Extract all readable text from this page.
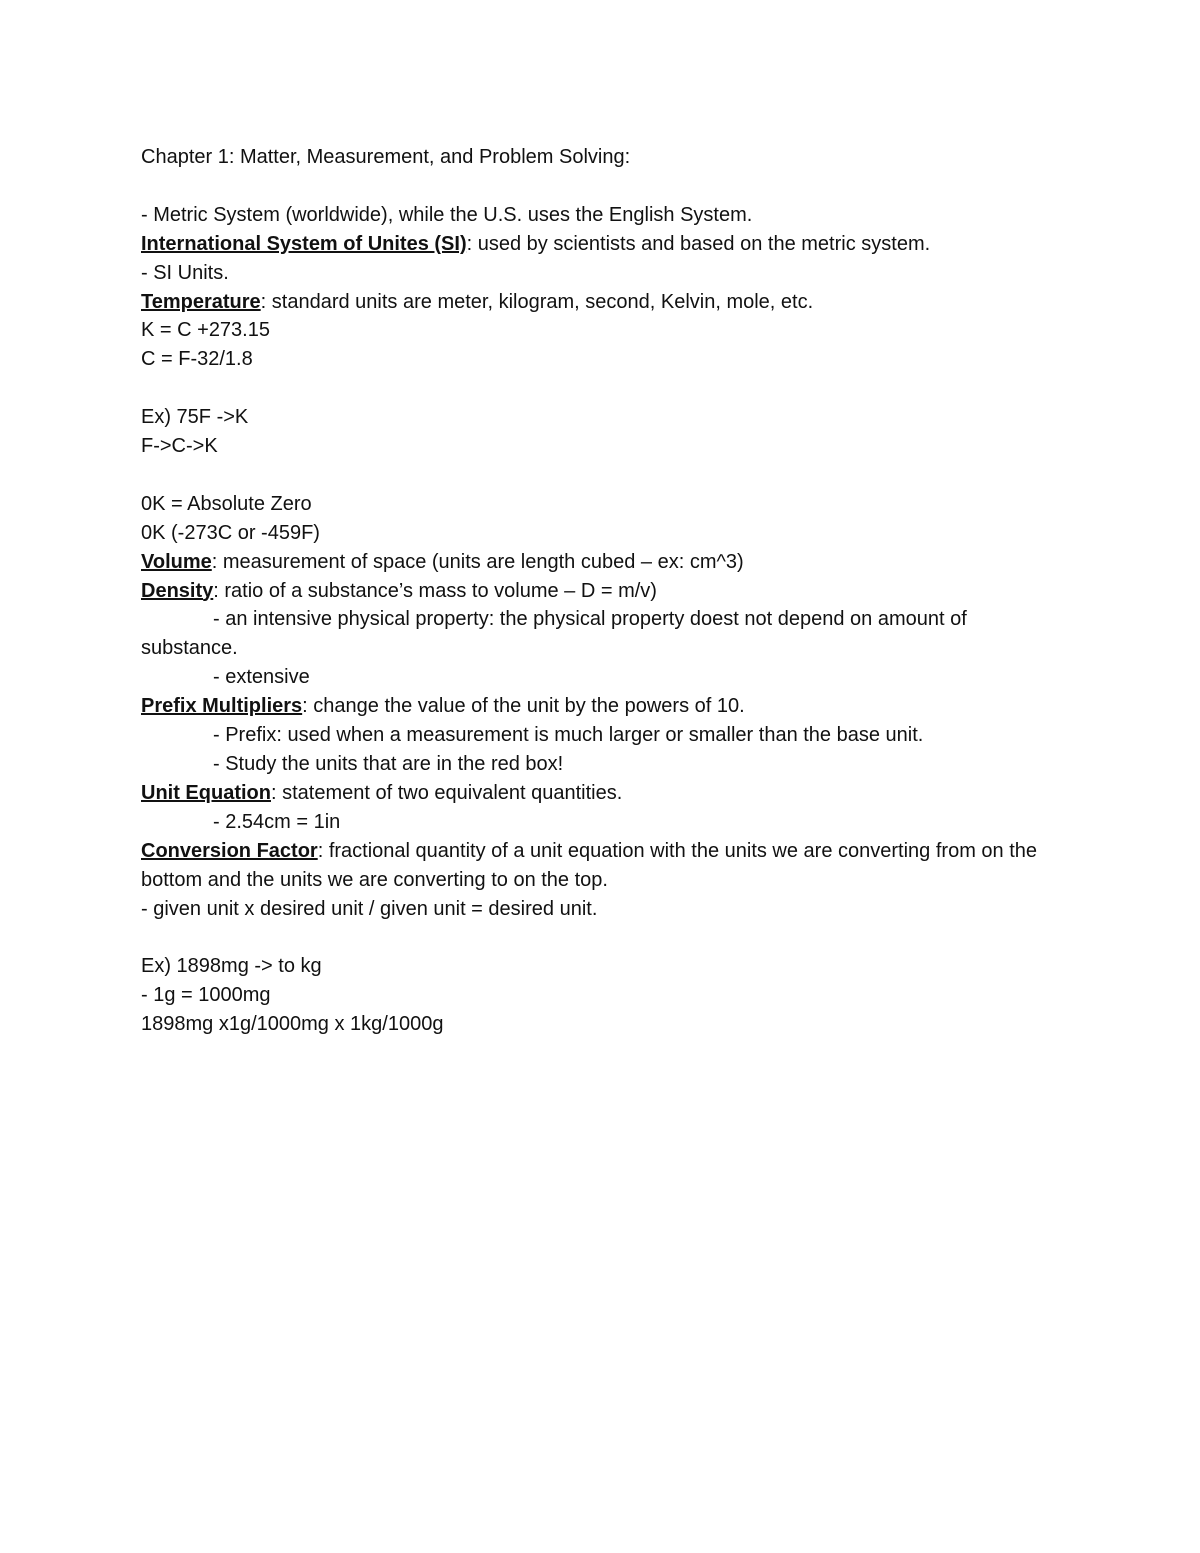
Chapter 1: Matter, Measurement, and Problem Solving:

- Metric System (worldwide), while the U.S. uses the English System.

International System of Unites (SI): used by scientists and based on the metric system.

- SI Units.

Temperature: standard units are meter, kilogram, second, Kelvin, mole, etc.

K = C +273.15

C = F-32/1.8

Ex) 75F ->K

F->C->K

0K = Absolute Zero

0K (-273C or -459F)

Volume: measurement of space (units are length cubed – ex: cm^3)

Density: ratio of a substance’s mass to volume – D = m/v)

- an intensive physical property: the physical property doest not depend on amount of

substance.

- extensive

Prefix Multipliers: change the value of the unit by the powers of 10.

- Prefix: used when a measurement is much larger or smaller than the base unit.

- Study the units that are in the red box!

Unit Equation: statement of two equivalent quantities.

- 2.54cm = 1in

Conversion Factor: fractional quantity of a unit equation with the units we are converting from on the bottom and the units we are converting to on the top.

- given unit x desired unit / given unit = desired unit.

Ex) 1898mg -> to kg

- 1g = 1000mg

1898mg x1g/1000mg x 1kg/1000g
